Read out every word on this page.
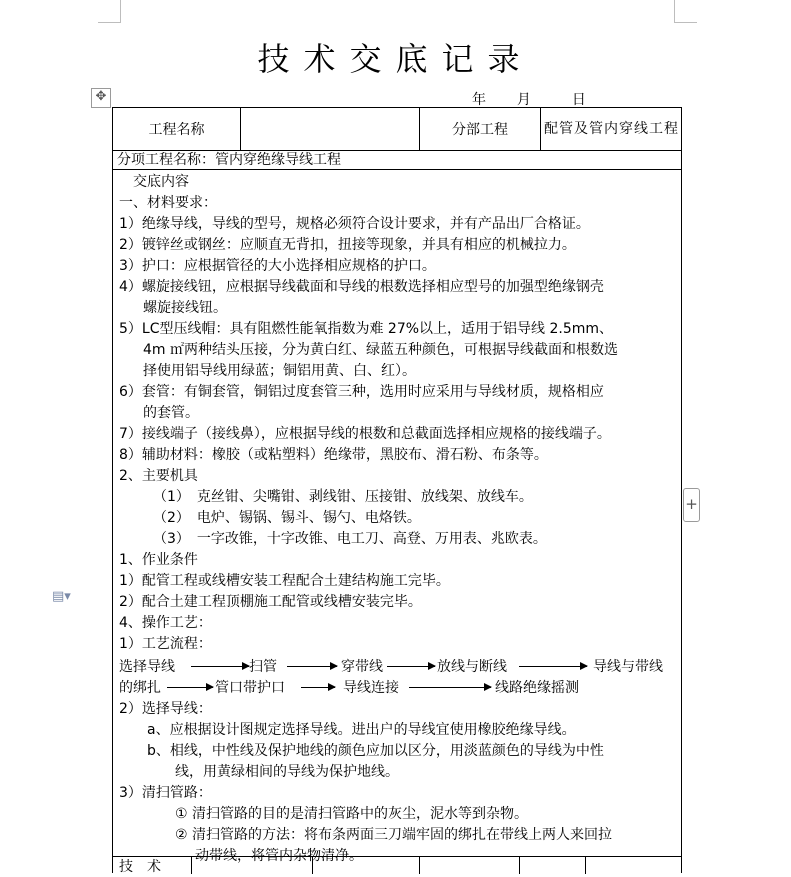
技术交底记录
年 月	日
✥
▤▾
+
工程名称	分部工程	配管及管内穿线工程
分项工程名称：管内穿绝缘导线工程
交底内容
一、材料要求：
1）绝缘导线，导线的型号，规格必须符合设计要求，并有产品出厂合格证。
2）镀锌丝或钢丝：应顺直无背扣，扭接等现象，并具有相应的机械拉力。
3）护口：应根据管径的大小选择相应规格的护口。
4）螺旋接线钮，应根据导线截面和导线的根数选择相应型号的加强型绝缘钢壳
螺旋接线钮。
5）LC型压线帽：具有阻燃性能氧指数为难 27%以上，适用于铝导线 2.5mm、
4m ㎡两种结头压接，分为黄白红、绿蓝五种颜色，可根据导线截面和根数选
择使用铝导线用绿蓝；铜铝用黄、白、红）。
6）套管：有铜套管，铜铝过度套管三种，选用时应采用与导线材质，规格相应
的套管。
7）接线端子（接线鼻），应根据导线的根数和总截面选择相应规格的接线端子。
8）辅助材料：橡胶（或粘塑料）绝缘带，黑胶布、滑石粉、布条等。
2、主要机具
（1）　克丝钳、尖嘴钳、剥线钳、压接钳、放线架、放线车。
（2）　电炉、锡锅、锡斗、锡勺、电烙铁。
（3）　一字改锥，十字改锥、电工刀、高登、万用表、兆欧表。
1、作业条件
1）配管工程或线槽安装工程配合土建结构施工完毕。
2）配合土建工程顶棚施工配管或线槽安装完毕。
4、操作工艺：
1）工艺流程：
选择导线	扫管	穿带线	放线与断线	导线与带线
的绑扎	管口带护口	导线连接	线路绝缘摇测
2）选择导线：
a、应根据设计图规定选择导线。进出户的导线宜使用橡胶绝缘导线。
b、相线，中性线及保护地线的颜色应加以区分，用淡蓝颜色的导线为中性
线，用黄绿相间的导线为保护地线。
3）清扫管路：
① 清扫管路的目的是清扫管路中的灰尘，泥水等到杂物。
② 清扫管路的方法：将布条两面三刀端牢固的绑扎在带线上两人来回拉
动带线，将管内杂物清净。
技　术
